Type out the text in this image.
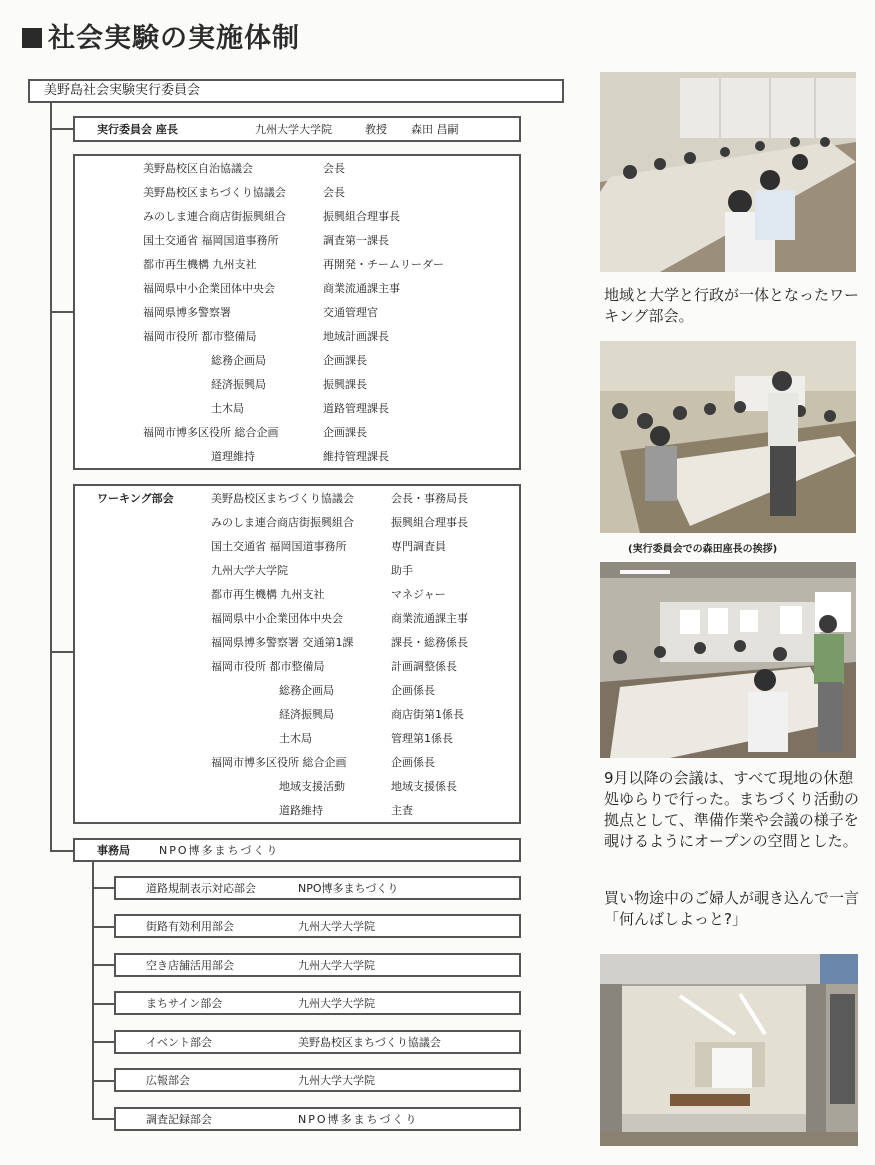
社会実験の実施体制
美野島社会実験実行委員会
実行委員会 座長	九州大学大学院	教授 森田 昌嗣
美野島校区自治協議会	会長
美野島校区まちづくり協議会	会長
みのしま連合商店街振興組合	振興組合理事長
国土交通省 福岡国道事務所	調査第一課長
都市再生機構 九州支社	再開発・チームリーダー
福岡県中小企業団体中央会	商業流通課主事
福岡県博多警察署	交通管理官
福岡市役所 都市整備局	地域計画課長
総務企画局	企画課長
経済振興局	振興課長
土木局	道路管理課長
福岡市博多区役所 総合企画	企画課長
道理維持	維持管理課長
ワーキング部会	美野島校区まちづくり協議会	会長・事務局長
みのしま連合商店街振興組合	振興組合理事長
国土交通省 福岡国道事務所	専門調査員
九州大学大学院	助手
都市再生機構 九州支社	マネジャー
福岡県中小企業団体中央会	商業流通課主事
福岡県博多警察署 交通第1課	課長・総務係長
福岡市役所 都市整備局	計画調整係長
総務企画局	企画係長
経済振興局	商店街第1係長
土木局	管理第1係長
福岡市博多区役所 総合企画	企画係長
地域支援活動	地域支援係長
道路維持	主査
事務局	NPO博多まちづくり
道路規制表示対応部会	NPO博多まちづくり
街路有効利用部会	九州大学大学院
空き店舗活用部会	九州大学大学院
まちサイン部会	九州大学大学院
イベント部会	美野島校区まちづくり協議会
広報部会	九州大学大学院
調査記録部会	NPO博多まちづくり
地域と大学と行政が一体となったワーキング部会。
(実行委員会での森田座長の挨拶)
9月以降の会議は、すべて現地の休憩処ゆらりで行った。まちづくり活動の拠点として、準備作業や会議の様子を覗けるようにオープンの空間とした。
買い物途中のご婦人が覗き込んで一言 「何んばしよっと?」
